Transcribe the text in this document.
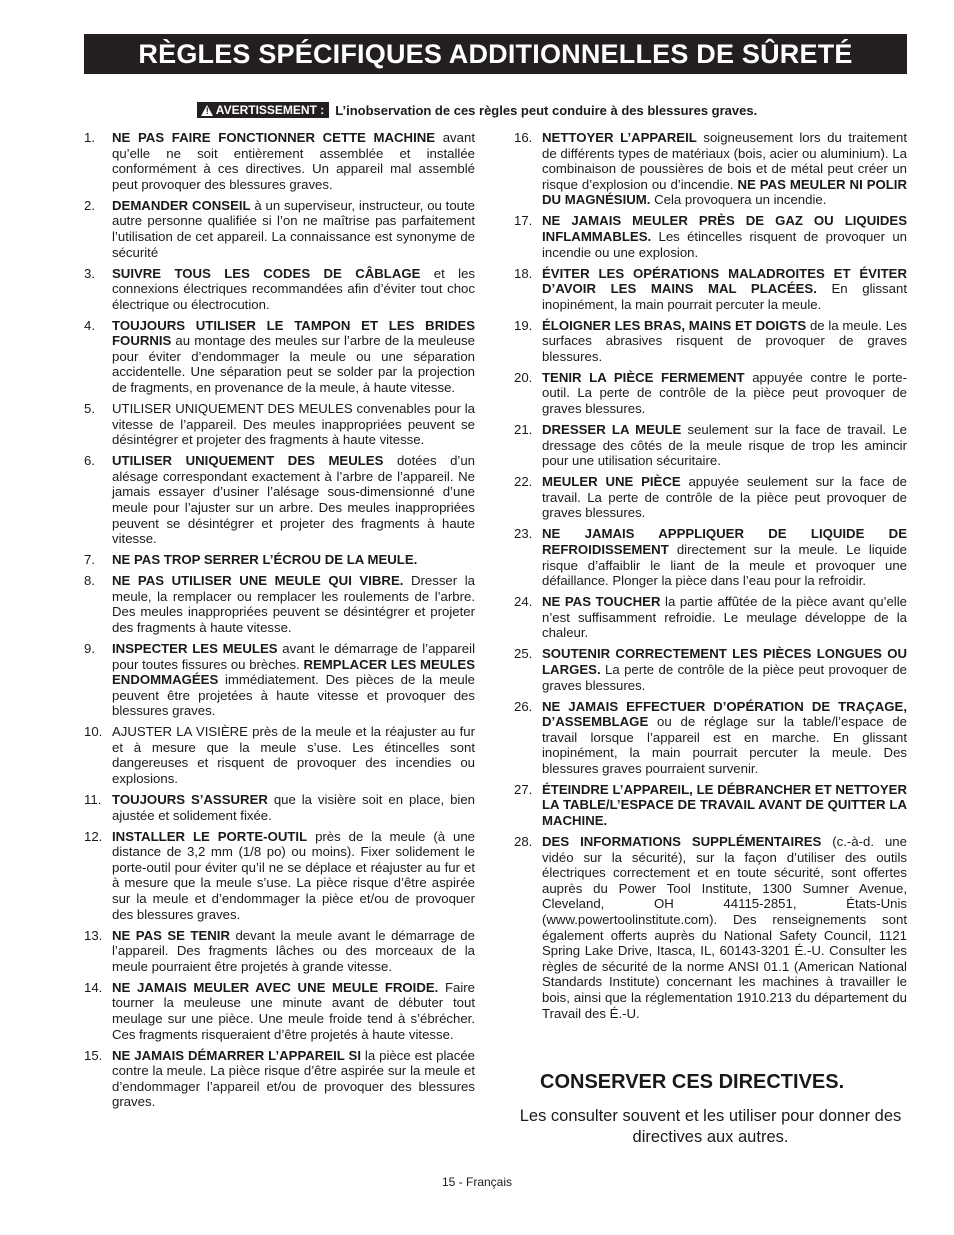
RÈGLES SPÉCIFIQUES ADDITIONNELLES DE SÛRETÉ
! AVERTISSEMENT : L’inobservation de ces règles peut conduire à des blessures graves.
1.	NE PAS FAIRE FONCTIONNER CETTE MACHINE avant qu’elle ne soit entièrement assemblée et installée conformément à ces directives. Un appareil mal assemblé peut provoquer des blessures graves.
2.	DEMANDER CONSEIL à un superviseur, instructeur, ou toute autre personne qualifiée si l’on ne maîtrise pas parfaitement l’utilisation de cet appareil. La connaissance est synonyme de sécurité
3.	SUIVRE TOUS LES CODES DE CÂBLAGE et les connexions électriques recommandées afin d’éviter tout choc électrique ou électrocution.
4.	TOUJOURS UTILISER LE TAMPON ET LES BRIDES FOURNIS au montage des meules sur l’arbre de la meuleuse pour éviter d’endommager la meule ou une séparation accidentelle. Une séparation peut se solder par la projection de fragments, en provenance de la meule, à haute vitesse.
5.	UTILISER UNIQUEMENT DES MEULES convenables pour la vitesse de l’appareil. Des meules inappropriées peuvent se désintégrer et projeter des fragments à haute vitesse.
6.	UTILISER UNIQUEMENT DES MEULES dotées d’un alésage correspondant exactement à l’arbre de l’appareil. Ne jamais essayer d’usiner l’alésage sous-dimensionné d’une meule pour l’ajuster sur un arbre. Des meules inappropriées peuvent se désintégrer et projeter des fragments à haute vitesse.
7.	NE PAS TROP SERRER L’ÉCROU DE LA MEULE.
8.	NE PAS UTILISER UNE MEULE QUI VIBRE. Dresser la meule, la remplacer ou remplacer les roulements de l’arbre. Des meules inappropriées peuvent se désintégrer et projeter des fragments à haute vitesse.
9.	INSPECTER LES MEULES avant le démarrage de l’appareil pour toutes fissures ou brèches. REMPLACER LES MEULES ENDOMMAGÉES immédiatement. Des pièces de la meule peuvent être projetées à haute vitesse et provoquer des blessures graves.
10. AJUSTER LA VISIÈRE près de la meule et la réajuster au fur et à mesure que la meule s’use. Les étincelles sont dangereuses et risquent de provoquer des incendies ou explosions.
11. TOUJOURS S’ASSURER que la visière soit en place, bien ajustée et solidement fixée.
12. INSTALLER LE PORTE-OUTIL près de la meule (à une distance de 3,2 mm (1/8 po) ou moins). Fixer solidement le porte-outil pour éviter qu’il ne se déplace et réajuster au fur et à mesure que la meule s’use. La pièce risque d’être aspirée sur la meule et d’endommager la pièce et/ou de provoquer des blessures graves.
13. NE PAS SE TENIR devant la meule avant le démarrage de l’appareil. Des fragments lâches ou des morceaux de la meule pourraient être projetés à grande vitesse.
14. NE JAMAIS MEULER AVEC UNE MEULE FROIDE. Faire tourner la meuleuse une minute avant de débuter tout meulage sur une pièce. Une meule froide tend à s’ébrécher. Ces fragments risqueraient d’être projetés à haute vitesse.
15. NE JAMAIS DÉMARRER L’APPAREIL SI la pièce est placée contre la meule. La pièce risque d’être aspirée sur la meule et d’endommager l’appareil et/ou de provoquer des blessures graves.
16. NETTOYER L’APPAREIL soigneusement lors du traitement de différents types de matériaux (bois, acier ou aluminium). La combinaison de poussières de bois et de métal peut créer un risque d’explosion ou d’incendie. NE PAS MEULER NI POLIR DU MAGNÉSIUM. Cela provoquera un incendie.
17. NE JAMAIS MEULER PRÈS DE GAZ OU LIQUIDES INFLAMMABLES. Les étincelles risquent de provoquer un incendie ou une explosion.
18. ÉVITER LES OPÉRATIONS MALADROITES ET ÉVITER D’AVOIR LES MAINS MAL PLACÉES. En glissant inopinément, la main pourrait percuter la meule.
19. ÉLOIGNER LES BRAS, MAINS ET DOIGTS de la meule. Les surfaces abrasives risquent de provoquer de graves blessures.
20. TENIR LA PIÈCE FERMEMENT appuyée contre le porte-outil. La perte de contrôle de la pièce peut provoquer de graves blessures.
21. DRESSER LA MEULE seulement sur la face de travail. Le dressage des côtés de la meule risque de trop les amincir pour une utilisation sécuritaire.
22. MEULER UNE PIÈCE appuyée seulement sur la face de travail. La perte de contrôle de la pièce peut provoquer de graves blessures.
23. NE JAMAIS APPPLIQUER DE LIQUIDE DE REFROIDISSEMENT directement sur la meule. Le liquide risque d’affaiblir le liant de la meule et provoquer une défaillance. Plonger la pièce dans l’eau pour la refroidir.
24. NE PAS TOUCHER la partie affûtée de la pièce avant qu’elle n’est suffisamment refroidie. Le meulage développe de la chaleur.
25. SOUTENIR CORRECTEMENT LES PIÈCES LONGUES OU LARGES. La perte de contrôle de la pièce peut provoquer de graves blessures.
26. NE JAMAIS EFFECTUER D’OPÉRATION DE TRAÇAGE, D’ASSEMBLAGE ou de réglage sur la table/l’espace de travail lorsque l’appareil est en marche. En glissant inopinément, la main pourrait percuter la meule. Des blessures graves pourraient survenir.
27. ÉTEINDRE L’APPAREIL, LE DÉBRANCHER ET NETTOYER LA TABLE/L’ESPACE DE TRAVAIL AVANT DE QUITTER LA MACHINE.
28. DES INFORMATIONS SUPPLÉMENTAIRES (c.-à-d. une vidéo sur la sécurité), sur la façon d’utiliser des outils électriques correctement et en toute sécurité, sont offertes auprès du Power Tool Institute, 1300 Sumner Avenue, Cleveland, OH 44115-2851, États-Unis (www.powertoolinstitute.com). Des renseignements sont également offerts auprès du National Safety Council, 1121 Spring Lake Drive, Itasca, IL, 60143-3201 É.-U. Consulter les règles de sécurité de la norme ANSI 01.1 (American National Standards Institute) concernant les machines à travailler le bois, ainsi que la réglementation 1910.213 du département du Travail des É.-U.
CONSERVER CES DIRECTIVES.

Les consulter souvent et les utiliser pour donner des directives aux autres.

15 - Français
